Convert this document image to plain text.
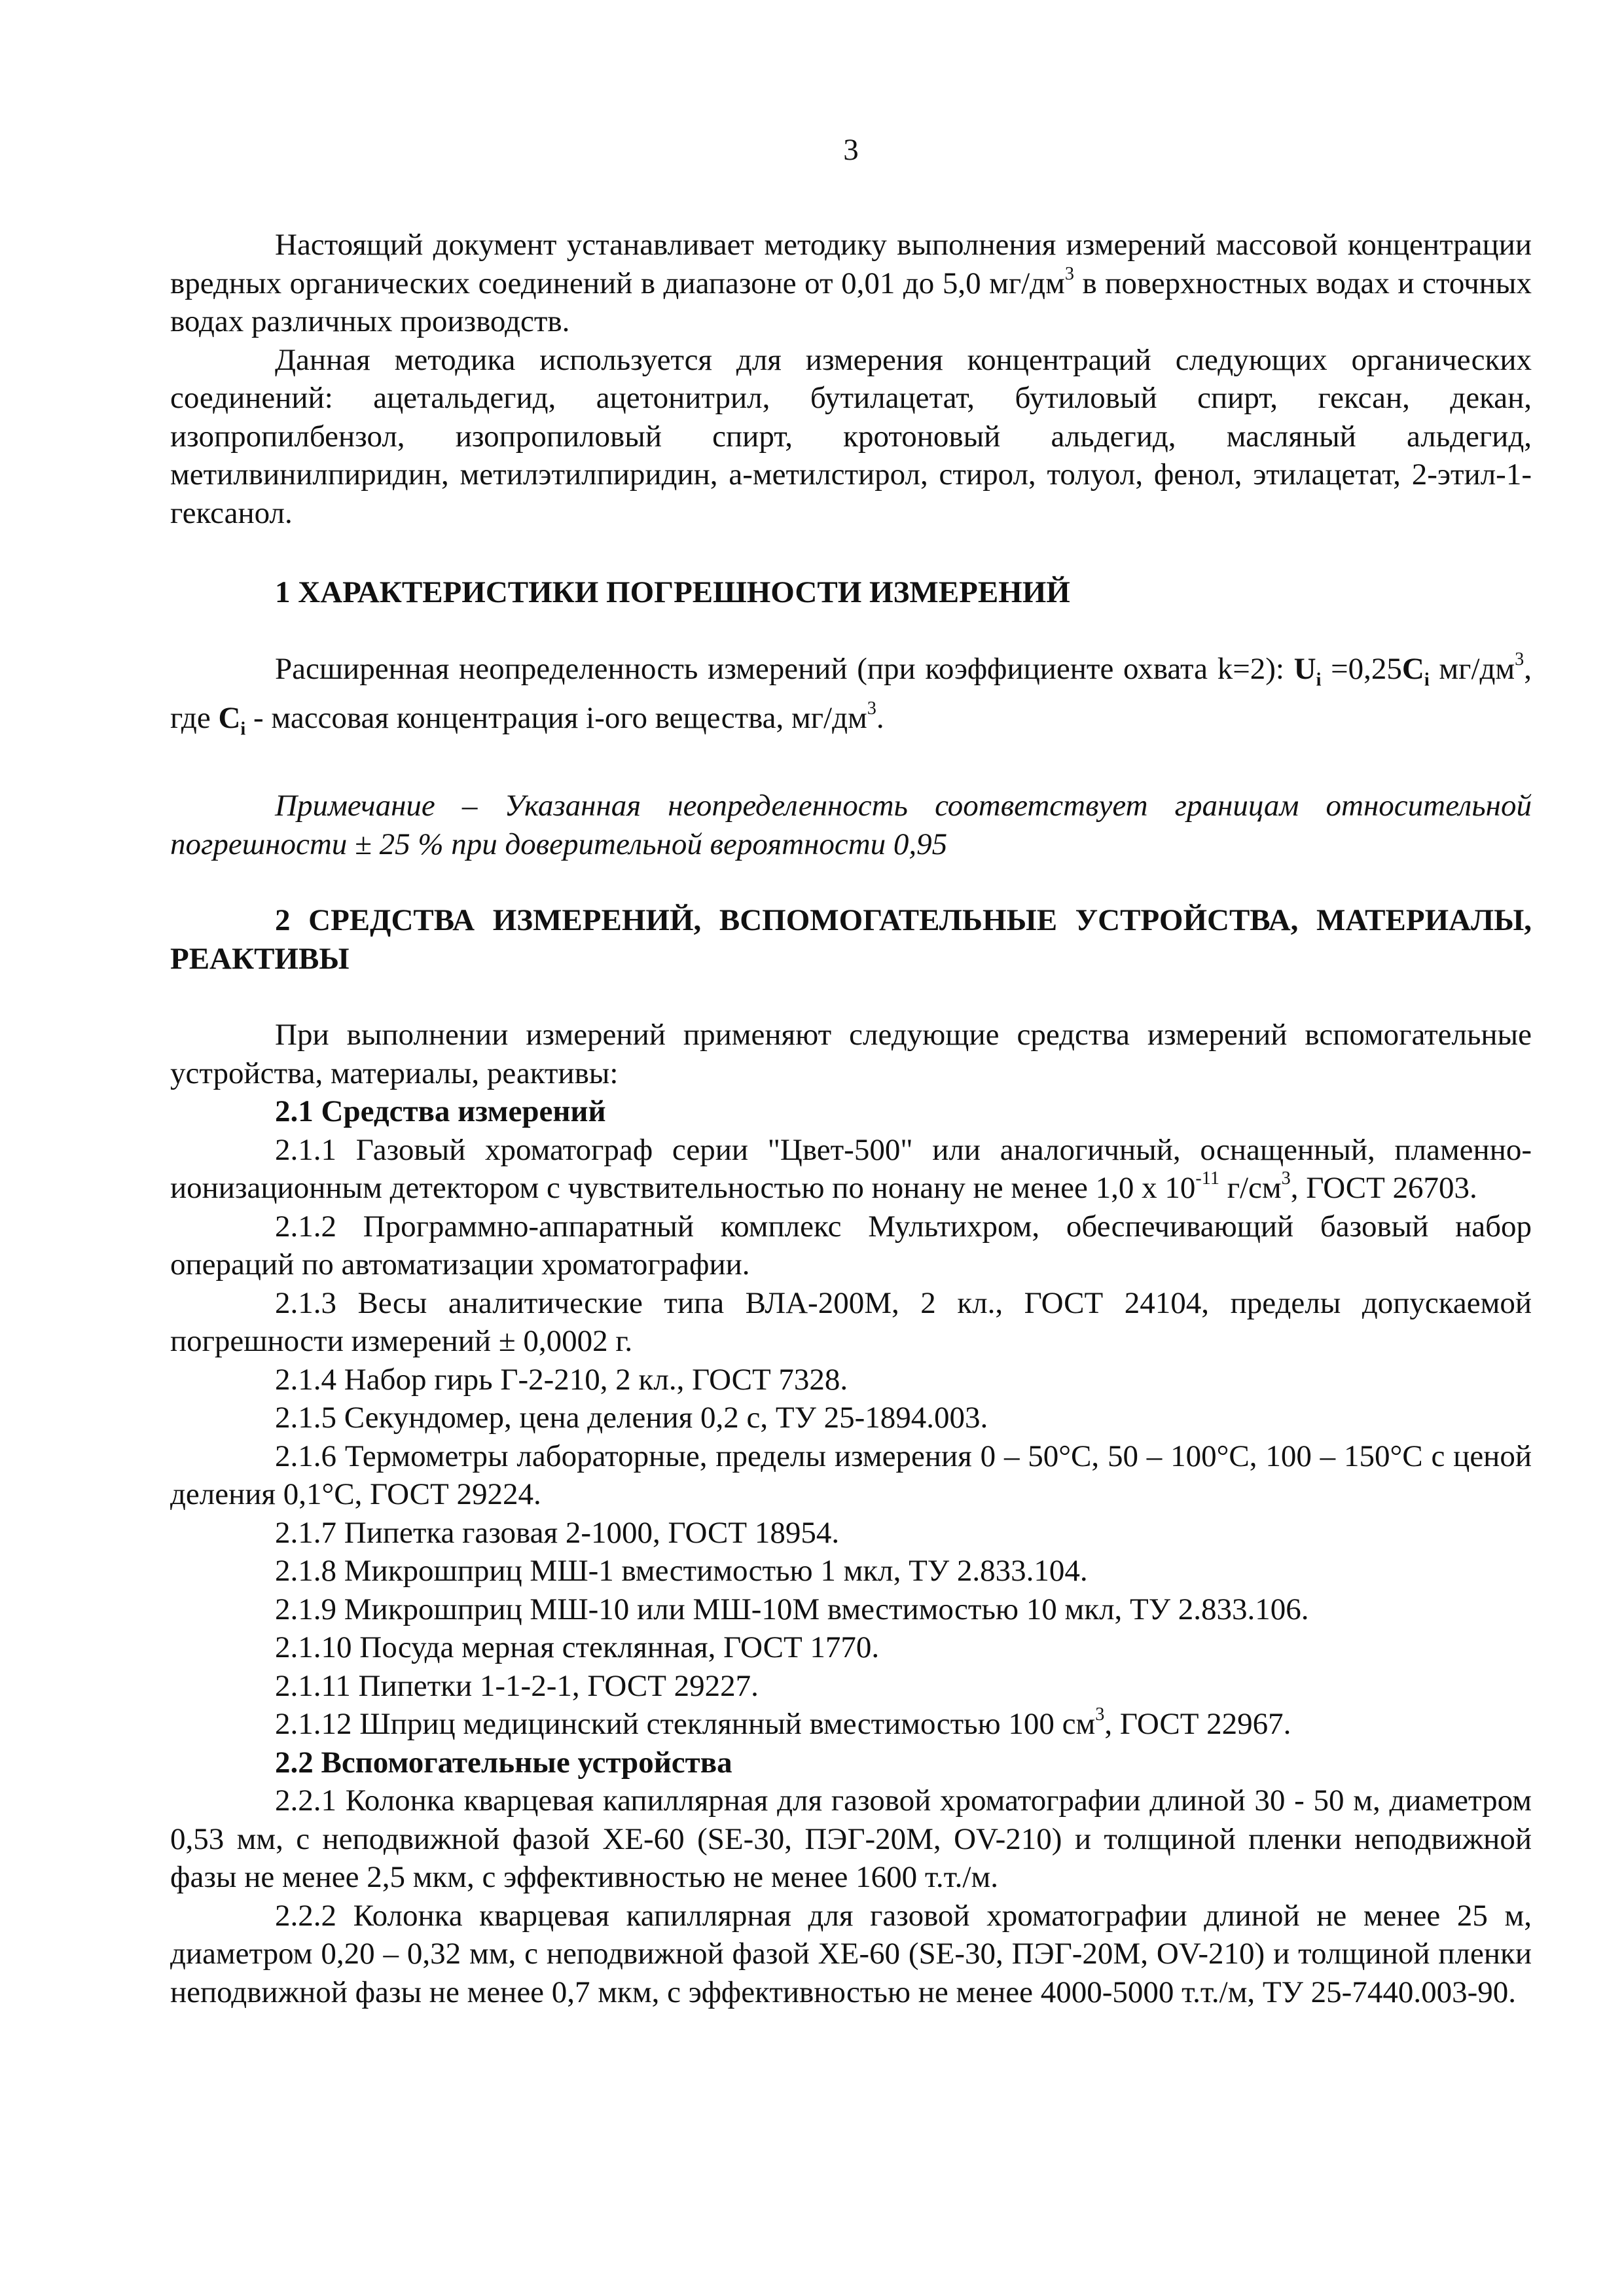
3

Настоящий документ устанавливает методику выполнения измерений массовой концентрации вредных органических соединений в диапазоне от 0,01 до 5,0 $мг/дм^3$ в поверхностных водах и сточных водах различных производств.

Данная методика используется для измерения концентраций следующих органических соединений: ацетальдегид, ацетонитрил, бутилацетат, бутиловый спирт, гексан, декан, изопропилбензол, изопропиловый спирт, кротоновый альдегид, масляный альдегид, метилвинилпиридин, метилэтилпиридин, а-метилстирол, стирол, толуол, фенол, этилацетат, 2-этил-1-гексанол.

1 ХАРАКТЕРИСТИКИ ПОГРЕШНОСТИ ИЗМЕРЕНИЙ

Расширенная неопределенность измерений (при коэффициенте охвата k=2): $U_i =0,25C_i$ $мг/дм^3$, где $C_i$ - массовая концентрация i-ого вещества, $мг/дм^3$.

Примечание – Указанная неопределенность соответствует границам относительной погрешности ± 25 % при доверительной вероятности 0,95

2 СРЕДСТВА ИЗМЕРЕНИЙ, ВСПОМОГАТЕЛЬНЫЕ УСТРОЙСТВА, МАТЕРИАЛЫ, РЕАКТИВЫ

При выполнении измерений применяют следующие средства измерений вспомогательные устройства, материалы, реактивы:

2.1 Средства измерений

2.1.1 Газовый хроматограф серии "Цвет-500" или аналогичный, оснащенный, пламенно-ионизационным детектором с чувствительностью по нонану не менее 1,0 х $10^{-11}$ $г/см^3$, ГОСТ 26703.

2.1.2 Программно-аппаратный комплекс Мультихром, обеспечивающий базовый набор операций по автоматизации хроматографии.

2.1.3 Весы аналитические типа ВЛА-200М, 2 кл., ГОСТ 24104, пределы допускаемой погрешности измерений ± 0,0002 г.

2.1.4 Набор гирь Г-2-210, 2 кл., ГОСТ 7328.

2.1.5 Секундомер, цена деления 0,2 с, ТУ 25-1894.003.

2.1.6 Термометры лабораторные, пределы измерения 0 – 50°С, 50 – 100°С, 100 – 150°С с ценой деления 0,1°С, ГОСТ 29224.

2.1.7 Пипетка газовая 2-1000, ГОСТ 18954.

2.1.8 Микрошприц МШ-1 вместимостью 1 мкл, ТУ 2.833.104.

2.1.9 Микрошприц МШ-10 или МШ-10М вместимостью 10 мкл, ТУ 2.833.106.

2.1.10 Посуда мерная стеклянная, ГОСТ 1770.

2.1.11 Пипетки 1-1-2-1, ГОСТ 29227.

2.1.12 Шприц медицинский стеклянный вместимостью 100 $см^3$, ГОСТ 22967.

2.2 Вспомогательные устройства

2.2.1 Колонка кварцевая капиллярная для газовой хроматографии длиной 30 - 50 м, диаметром 0,53 мм, с неподвижной фазой ХЕ-60 (SE-30, ПЭГ-20М, OV-210) и толщиной пленки неподвижной фазы не менее 2,5 мкм, с эффективностью не менее 1600 т.т./м.

2.2.2 Колонка кварцевая капиллярная для газовой хроматографии длиной не менее 25 м, диаметром 0,20 – 0,32 мм, с неподвижной фазой ХЕ-60 (SE-30, ПЭГ-20М, OV-210) и толщиной пленки неподвижной фазы не менее 0,7 мкм, с эффективностью не менее 4000-5000 т.т./м, ТУ 25-7440.003-90.
